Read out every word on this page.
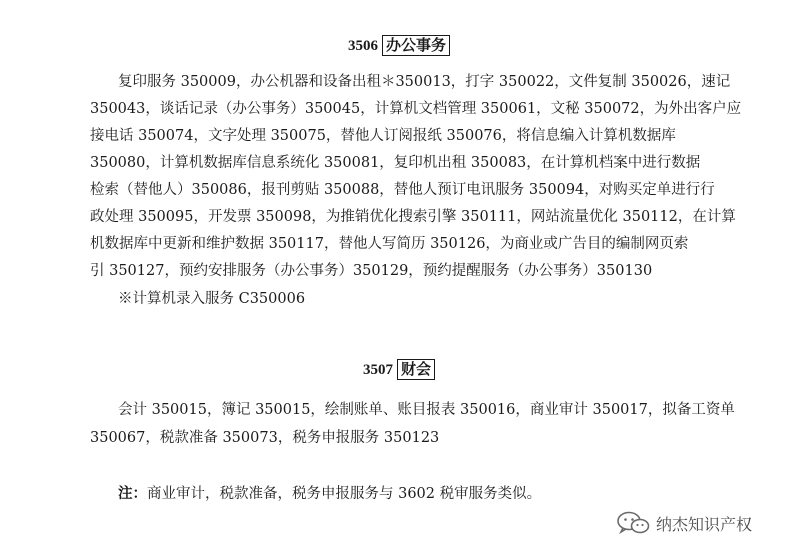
3506 办公事务
复印服务 350009，办公机器和设备出租＊350013，打字 350022，文件复制 350026，速记
350043，谈话记录（办公事务）350045，计算机文档管理 350061，文秘 350072，为外出客户应
接电话 350074，文字处理 350075，替他人订阅报纸 350076，将信息编入计算机数据库
350080，计算机数据库信息系统化 350081，复印机出租 350083，在计算机档案中进行数据
检索（替他人）350086，报刊剪贴 350088，替他人预订电讯服务 350094，对购买定单进行行
政处理 350095，开发票 350098，为推销优化搜索引擎 350111，网站流量优化 350112，在计算
机数据库中更新和维护数据 350117，替他人写简历 350126，为商业或广告目的编制网页索
引 350127，预约安排服务（办公事务）350129，预约提醒服务（办公事务）350130
※计算机录入服务 C350006
3507 财会
会计 350015，簿记 350015，绘制账单、账目报表 350016，商业审计 350017，拟备工资单
350067，税款准备 350073，税务申报服务 350123
注：商业审计，税款准备，税务申报服务与 3602 税审服务类似。
纳杰知识产权
